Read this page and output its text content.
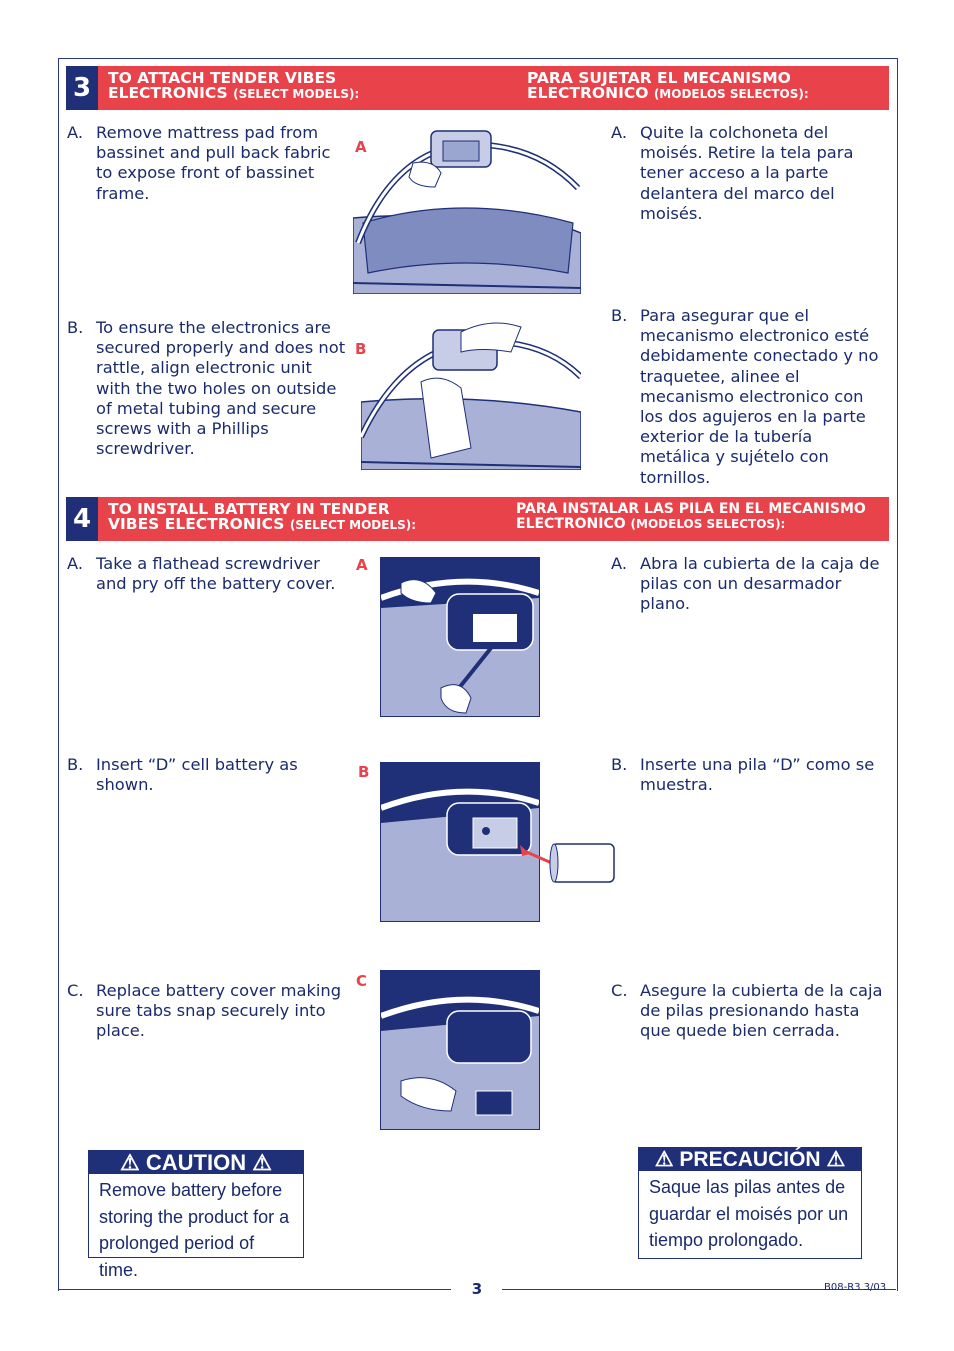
3	B08-R3 3/03
3	TO ATTACH TENDER VIBES
ELECTRONICS (SELECT MODELS):
PARA SUJETAR EL MECANISMO
ELECTRONICO (MODELOS SELECTOS):
A. Remove mattress pad from bassinet and pull back fabric to expose front of bassinet frame.
A
A. Quite la colchoneta del moisés. Retire la tela para tener acceso a la parte delantera del marco del moisés.
B. To ensure the electronics are secured properly and does not rattle, align electronic unit with the two holes on outside of metal tubing and secure screws with a Phillips screwdriver.
B
B. Para asegurar que el mecanismo electronico esté debidamente conectado y no traquetee, alinee el mecanismo electronico con los dos agujeros en la parte exterior de la tubería metálica y sujételo con tornillos.
4	TO INSTALL BATTERY IN TENDER
VIBES ELECTRONICS (SELECT MODELS):
PARA INSTALAR LAS PILA EN EL MECANISMO
ELECTRONICO (MODELOS SELECTOS):
A. Take a flathead screwdriver and pry off the battery cover.
A	A. Abra la cubierta de la caja de pilas con un desarmador plano.
B. Insert “D” cell battery as shown.
B	B. Inserte una pila “D” como se muestra.
C. Replace battery cover making sure tabs snap securely into place.
C	C. Asegure la cubierta de la caja de pilas presionando hasta que quede bien cerrada.
⚠ CAUTION ⚠
Remove battery before storing the product for a prolonged period of time.
⚠ PRECAUCIÓN ⚠
Saque las pilas antes de guardar el moisés por un tiempo prolongado.
